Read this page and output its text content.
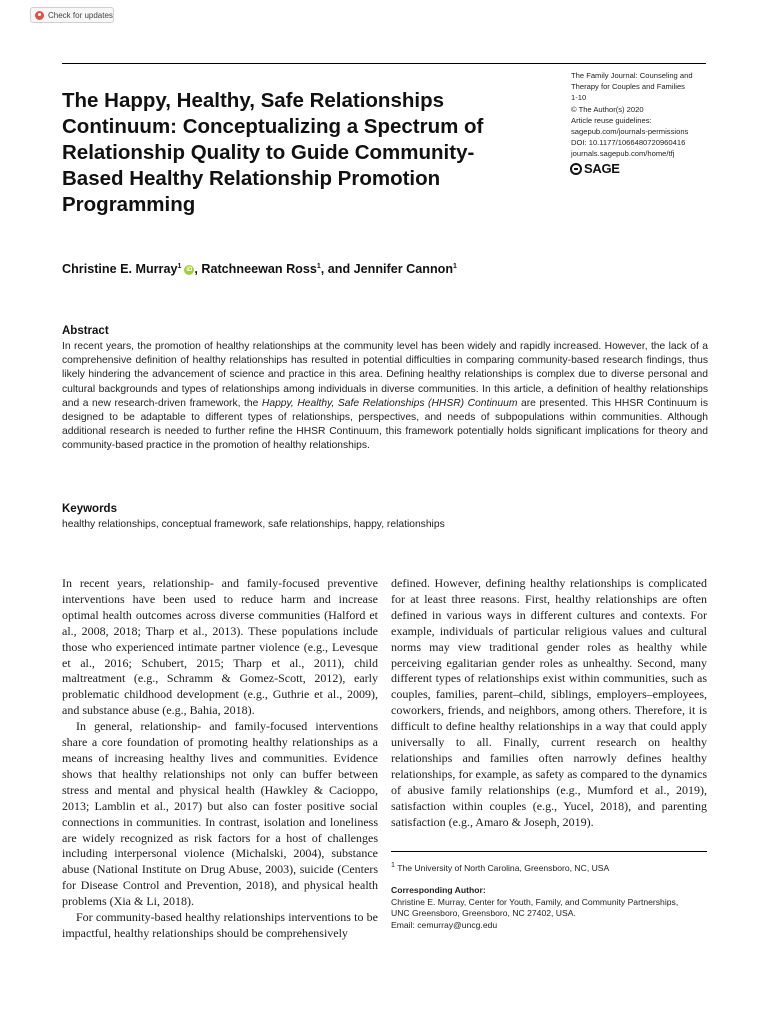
Check for updates
The Happy, Healthy, Safe Relationships Continuum: Conceptualizing a Spectrum of Relationship Quality to Guide Community-Based Healthy Relationship Promotion Programming
The Family Journal: Counseling and
Therapy for Couples and Families
1-10
© The Author(s) 2020
Article reuse guidelines:
sagepub.com/journals-permissions
DOI: 10.1177/1066480720960416
journals.sagepub.com/home/tfj
SAGE
Christine E. Murray$^1$ iD , Ratchneewan Ross$^1$, and Jennifer Cannon$^1$
Abstract

In recent years, the promotion of healthy relationships at the community level has been widely and rapidly increased. However, the lack of a comprehensive definition of healthy relationships has resulted in potential difficulties in comparing community-based research findings, thus likely hindering the advancement of science and practice in this area. Defining healthy relationships is complex due to diverse personal and cultural backgrounds and types of relationships among individuals in diverse communities. In this article, a definition of healthy relationships and a new research-driven framework, the Happy, Healthy, Safe Relationships (HHSR) Continuum are presented. This HHSR Continuum is designed to be adaptable to different types of relationships, perspectives, and needs of subpopulations within communities. Although additional research is needed to further refine the HHSR Continuum, this framework potentially holds significant implications for theory and community-based practice in the promotion of healthy relationships.

Keywords
healthy relationships, conceptual framework, safe relationships, happy, relationships

In recent years, relationship- and family-focused preventive interventions have been used to reduce harm and increase optimal health outcomes across diverse communities (Halford et al., 2008, 2018; Tharp et al., 2013). These populations include those who experienced intimate partner violence (e.g., Levesque et al., 2016; Schubert, 2015; Tharp et al., 2011), child maltreatment (e.g., Schramm & Gomez-Scott, 2012), early problematic childhood development (e.g., Guthrie et al., 2009), and substance abuse (e.g., Bahia, 2018).

In general, relationship- and family-focused interventions share a core foundation of promoting healthy relationships as a means of increasing healthy lives and communities. Evidence shows that healthy relationships not only can buffer between stress and mental and physical health (Hawkley & Cacioppo, 2013; Lamblin et al., 2017) but also can foster positive social connections in communities. In contrast, isolation and loneliness are widely recognized as risk factors for a host of challenges including interpersonal violence (Michalski, 2004), substance abuse (National Institute on Drug Abuse, 2003), suicide (Centers for Disease Control and Prevention, 2018), and physical health problems (Xia & Li, 2018).

For community-based healthy relationships interventions to be impactful, healthy relationships should be comprehensively

defined. However, defining healthy relationships is complicated for at least three reasons. First, healthy relationships are often defined in various ways in different cultures and contexts. For example, individuals of particular religious values and cultural norms may view traditional gender roles as healthy while perceiving egalitarian gender roles as unhealthy. Second, many different types of relationships exist within communities, such as couples, families, parent–child, siblings, employers–employees, coworkers, friends, and neighbors, among others. Therefore, it is difficult to define healthy relationships in a way that could apply universally to all. Finally, current research on healthy relationships and families often narrowly defines healthy relationships, for example, as safety as compared to the dynamics of abusive family relationships (e.g., Mumford et al., 2019), satisfaction within couples (e.g., Yucel, 2018), and parenting satisfaction (e.g., Amaro & Joseph, 2019).

$^1$ The University of North Carolina, Greensboro, NC, USA
Corresponding Author:
Christine E. Murray, Center for Youth, Family, and Community Partnerships,
UNC Greensboro, Greensboro, NC 27402, USA.
Email: cemurray@uncg.edu
